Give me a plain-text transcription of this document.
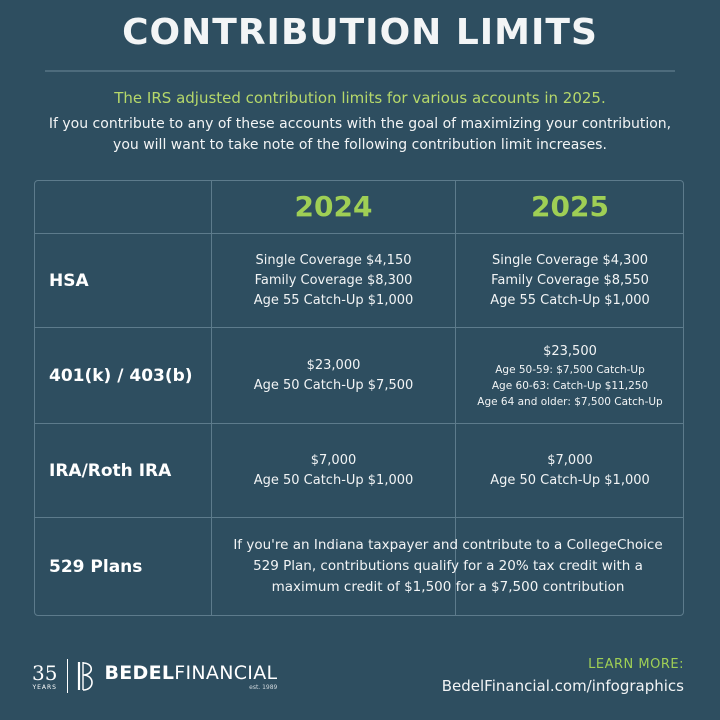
CONTRIBUTION LIMITS
The IRS adjusted contribution limits for various accounts in 2025.
If you contribute to any of these accounts with the goal of maximizing your contribution,
you will want to take note of the following contribution limit increases.
2024	2025
HSA
Single Coverage $4,150
Family Coverage $8,300
Age 55 Catch-Up $1,000
Single Coverage $4,300
Family Coverage $8,550
Age 55 Catch-Up $1,000
401(k) / 403(b)
$23,000
Age 50 Catch-Up $7,500
$23,500
Age 50-59: $7,500 Catch-Up
Age 60-63: Catch-Up $11,250
Age 64 and older: $7,500 Catch-Up
IRA/Roth IRA
$7,000
Age 50 Catch-Up $1,000
$7,000
Age 50 Catch-Up $1,000
529 Plans
If you're an Indiana taxpayer and contribute to a CollegeChoice
529 Plan, contributions qualify for a 20% tax credit with a
maximum credit of $1,500 for a $7,500 contribution
35
YEARS
BEDELFINANCIAL
est. 1989
LEARN MORE:
BedelFinancial.com/infographics
